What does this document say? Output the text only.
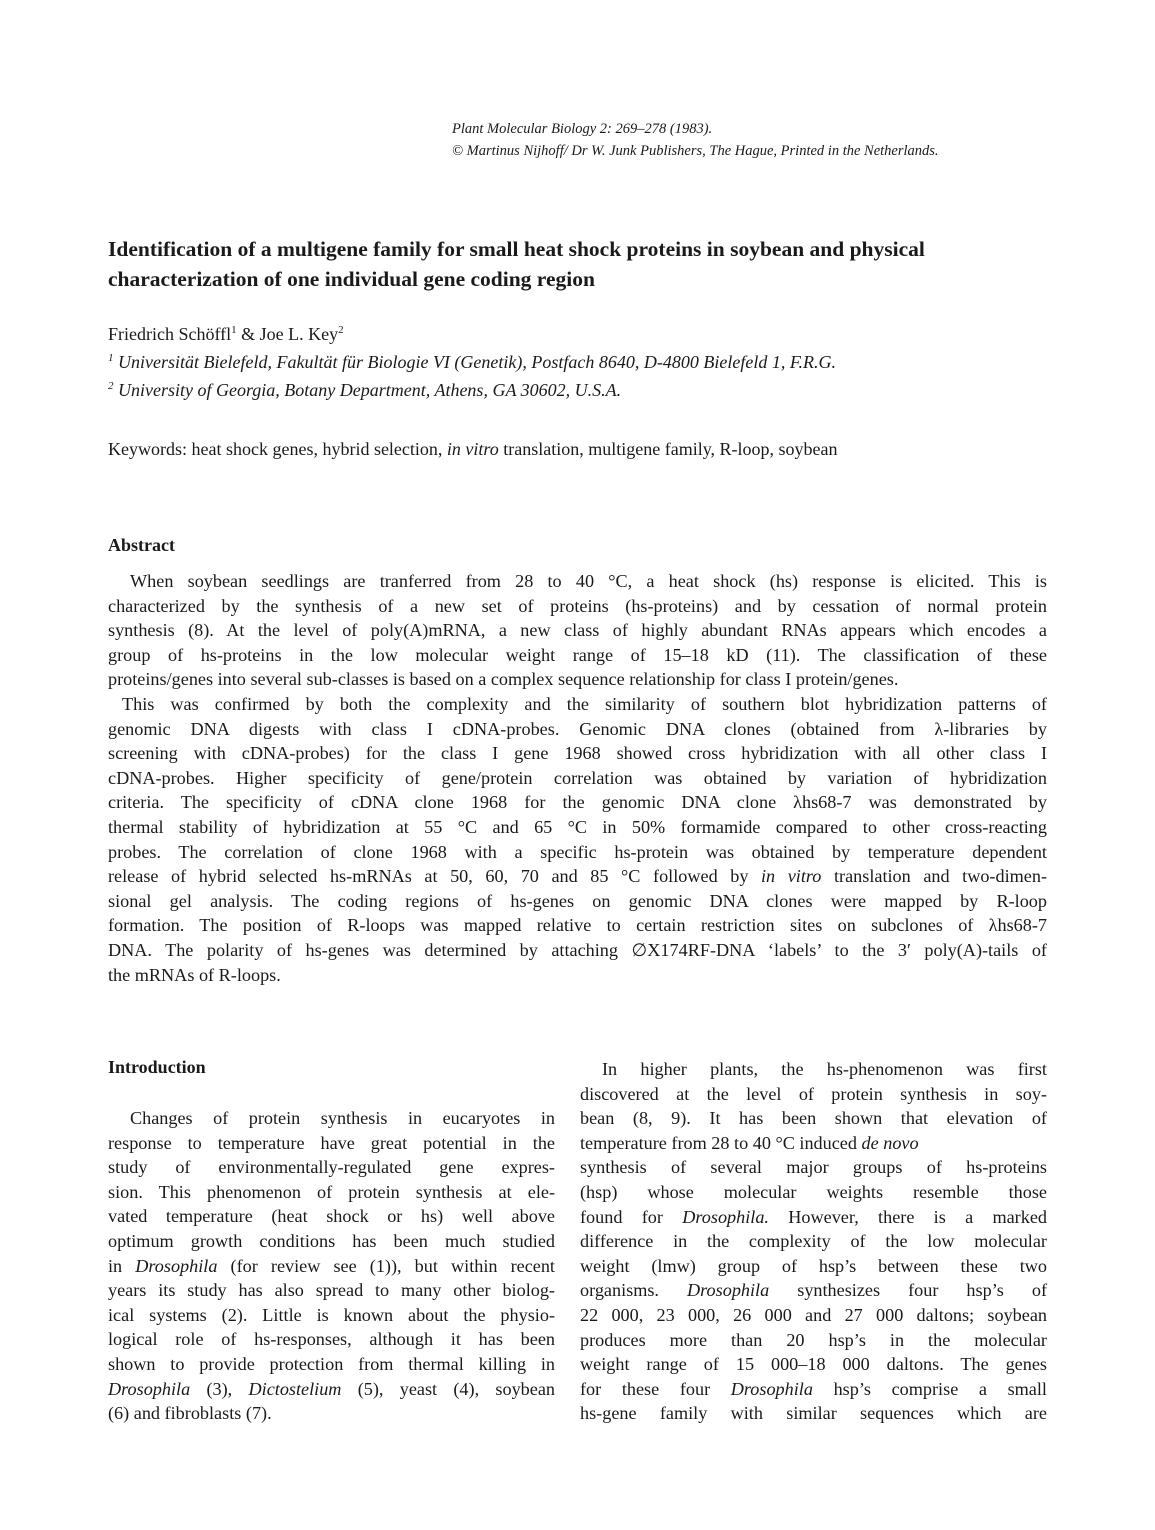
Plant Molecular Biology 2: 269–278 (1983).
© Martinus Nijhoff/ Dr W. Junk Publishers, The Hague, Printed in the Netherlands.
Identification of a multigene family for small heat shock proteins in soybean and physical
characterization of one individual gene coding region
Friedrich Schöffl$^1$ & Joe L. Key$^2$
$^1$ Universität Bielefeld, Fakultät für Biologie VI (Genetik), Postfach 8640, D-4800 Bielefeld 1, F.R.G.
$^2$ University of Georgia, Botany Department, Athens, GA 30602, U.S.A.
Keywords: heat shock genes, hybrid selection, in vitro translation, multigene family, R-loop, soybean
Abstract
When soybean seedlings are tranferred from 28 to 40 °C, a heat shock (hs) response is elicited. This is
characterized by the synthesis of a new set of proteins (hs-proteins) and by cessation of normal protein
synthesis (8). At the level of poly(A)mRNA, a new class of highly abundant RNAs appears which encodes a
group of hs-proteins in the low molecular weight range of 15–18 kD (11). The classification of these
proteins/genes into several sub-classes is based on a complex sequence relationship for class I protein/genes.
This was confirmed by both the complexity and the similarity of southern blot hybridization patterns of
genomic DNA digests with class I cDNA-probes. Genomic DNA clones (obtained from λ-libraries by
screening with cDNA-probes) for the class I gene 1968 showed cross hybridization with all other class I
cDNA-probes. Higher specificity of gene/protein correlation was obtained by variation of hybridization
criteria. The specificity of cDNA clone 1968 for the genomic DNA clone λhs68-7 was demonstrated by
thermal stability of hybridization at 55 °C and 65 °C in 50% formamide compared to other cross-reacting
probes. The correlation of clone 1968 with a specific hs-protein was obtained by temperature dependent
release of hybrid selected hs-mRNAs at 50, 60, 70 and 85 °C followed by in vitro translation and two-dimen-
sional gel analysis. The coding regions of hs-genes on genomic DNA clones were mapped by R-loop
formation. The position of R-loops was mapped relative to certain restriction sites on subclones of λhs68-7
DNA. The polarity of hs-genes was determined by attaching ∅X174RF-DNA ‘labels’ to the 3′ poly(A)-tails of
the mRNAs of R-loops.
Introduction
Changes of protein synthesis in eucaryotes in
response to temperature have great potential in the
study of environmentally-regulated gene expres-
sion. This phenomenon of protein synthesis at ele-
vated temperature (heat shock or hs) well above
optimum growth conditions has been much studied
in Drosophila (for review see (1)), but within recent
years its study has also spread to many other biolog-
ical systems (2). Little is known about the physio-
logical role of hs-responses, although it has been
shown to provide protection from thermal killing in
Drosophila (3), Dictostelium (5), yeast (4), soybean
(6) and fibroblasts (7).
In higher plants, the hs-phenomenon was first
discovered at the level of protein synthesis in soy-
bean (8, 9). It has been shown that elevation of
temperature from 28 to 40 °C induced de novo
synthesis of several major groups of hs-proteins
(hsp) whose molecular weights resemble those
found for Drosophila. However, there is a marked
difference in the complexity of the low molecular
weight (lmw) group of hsp’s between these two
organisms. Drosophila synthesizes four hsp’s of
22 000, 23 000, 26 000 and 27 000 daltons; soybean
produces more than 20 hsp’s in the molecular
weight range of 15 000–18 000 daltons. The genes
for these four Drosophila hsp’s comprise a small
hs-gene family with similar sequences which are
